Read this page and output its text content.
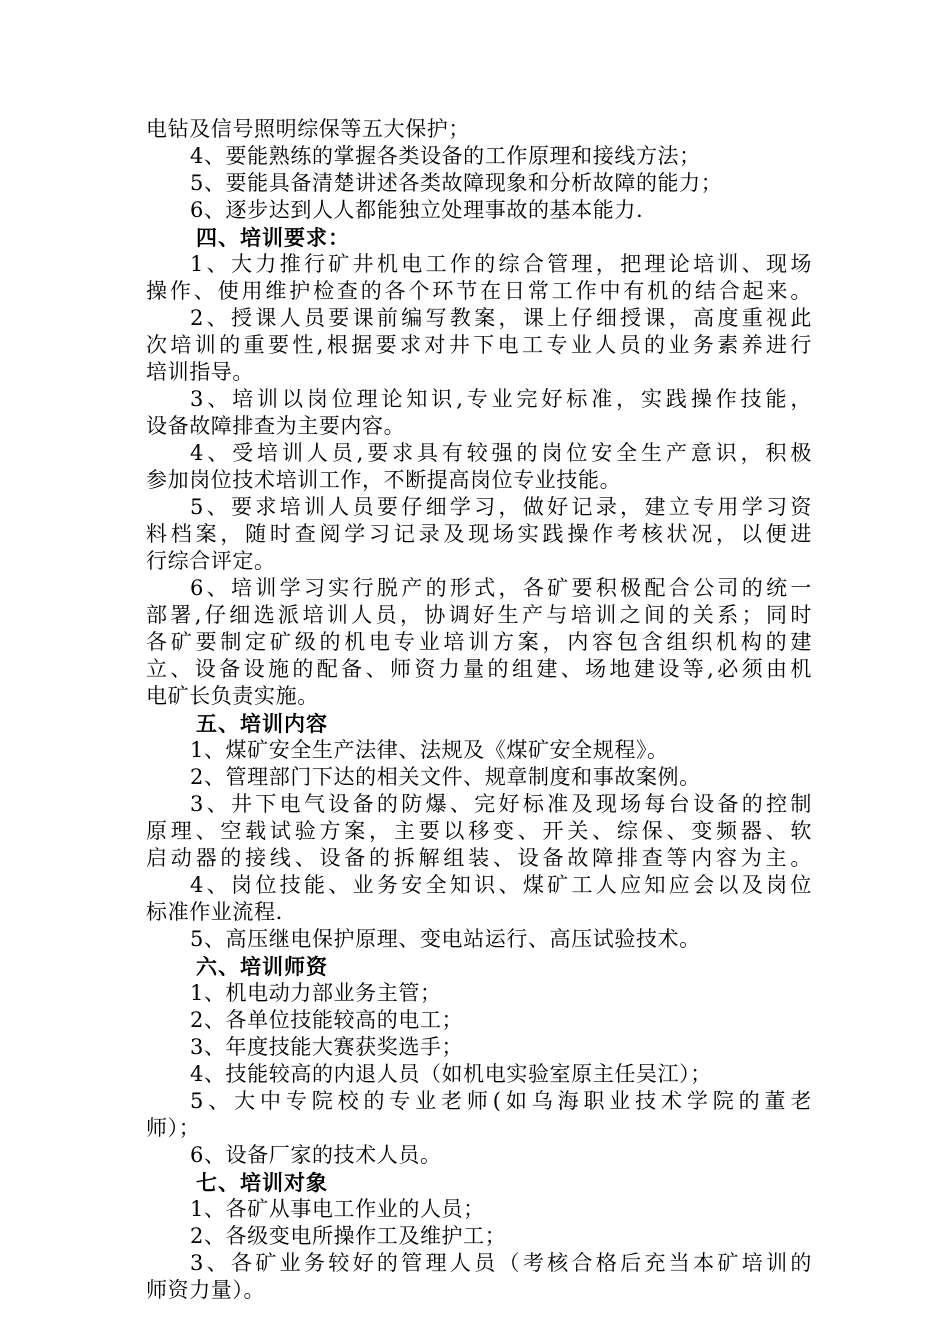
电钻及信号照明综保等五大保护；
4、要能熟练的掌握各类设备的工作原理和接线方法；
5、要能具备清楚讲述各类故障现象和分析故障的能力；
6、逐步达到人人都能独立处理事故的基本能力.
四、培训要求：
1、大力推行矿井机电工作的综合管理，把理论培训、现场
操作、使用维护检查的各个环节在日常工作中有机的结合起来。
2、授课人员要课前编写教案，课上仔细授课，高度重视此
次培训的重要性,根据要求对井下电工专业人员的业务素养进行
培训指导。
3、培训以岗位理论知识,专业完好标准，实践操作技能，
设备故障排查为主要内容。
4、受培训人员,要求具有较强的岗位安全生产意识，积极
参加岗位技术培训工作，不断提高岗位专业技能。
5、要求培训人员要仔细学习，做好记录，建立专用学习资
料档案，随时查阅学习记录及现场实践操作考核状况，以便进
行综合评定。
6、培训学习实行脱产的形式，各矿要积极配合公司的统一
部署,仔细选派培训人员，协调好生产与培训之间的关系；同时
各矿要制定矿级的机电专业培训方案，内容包含组织机构的建
立、设备设施的配备、师资力量的组建、场地建设等,必须由机
电矿长负责实施。
五、培训内容
1、煤矿安全生产法律、法规及《煤矿安全规程》。
2、管理部门下达的相关文件、规章制度和事故案例。
3、井下电气设备的防爆、完好标准及现场每台设备的控制
原理、空载试验方案，主要以移变、开关、综保、变频器、软
启动器的接线、设备的拆解组装、设备故障排查等内容为主。
4、岗位技能、业务安全知识、煤矿工人应知应会以及岗位
标准作业流程.
5、高压继电保护原理、变电站运行、高压试验技术。
六、培训师资
1、机电动力部业务主管；
2、各单位技能较高的电工；
3、年度技能大赛获奖选手；
4、技能较高的内退人员（如机电实验室原主任吴江）；
5、大中专院校的专业老师(如乌海职业技术学院的董老
师）；
6、设备厂家的技术人员。
七、培训对象
1、各矿从事电工作业的人员；
2、各级变电所操作工及维护工；
3、各矿业务较好的管理人员（考核合格后充当本矿培训的
师资力量）。
